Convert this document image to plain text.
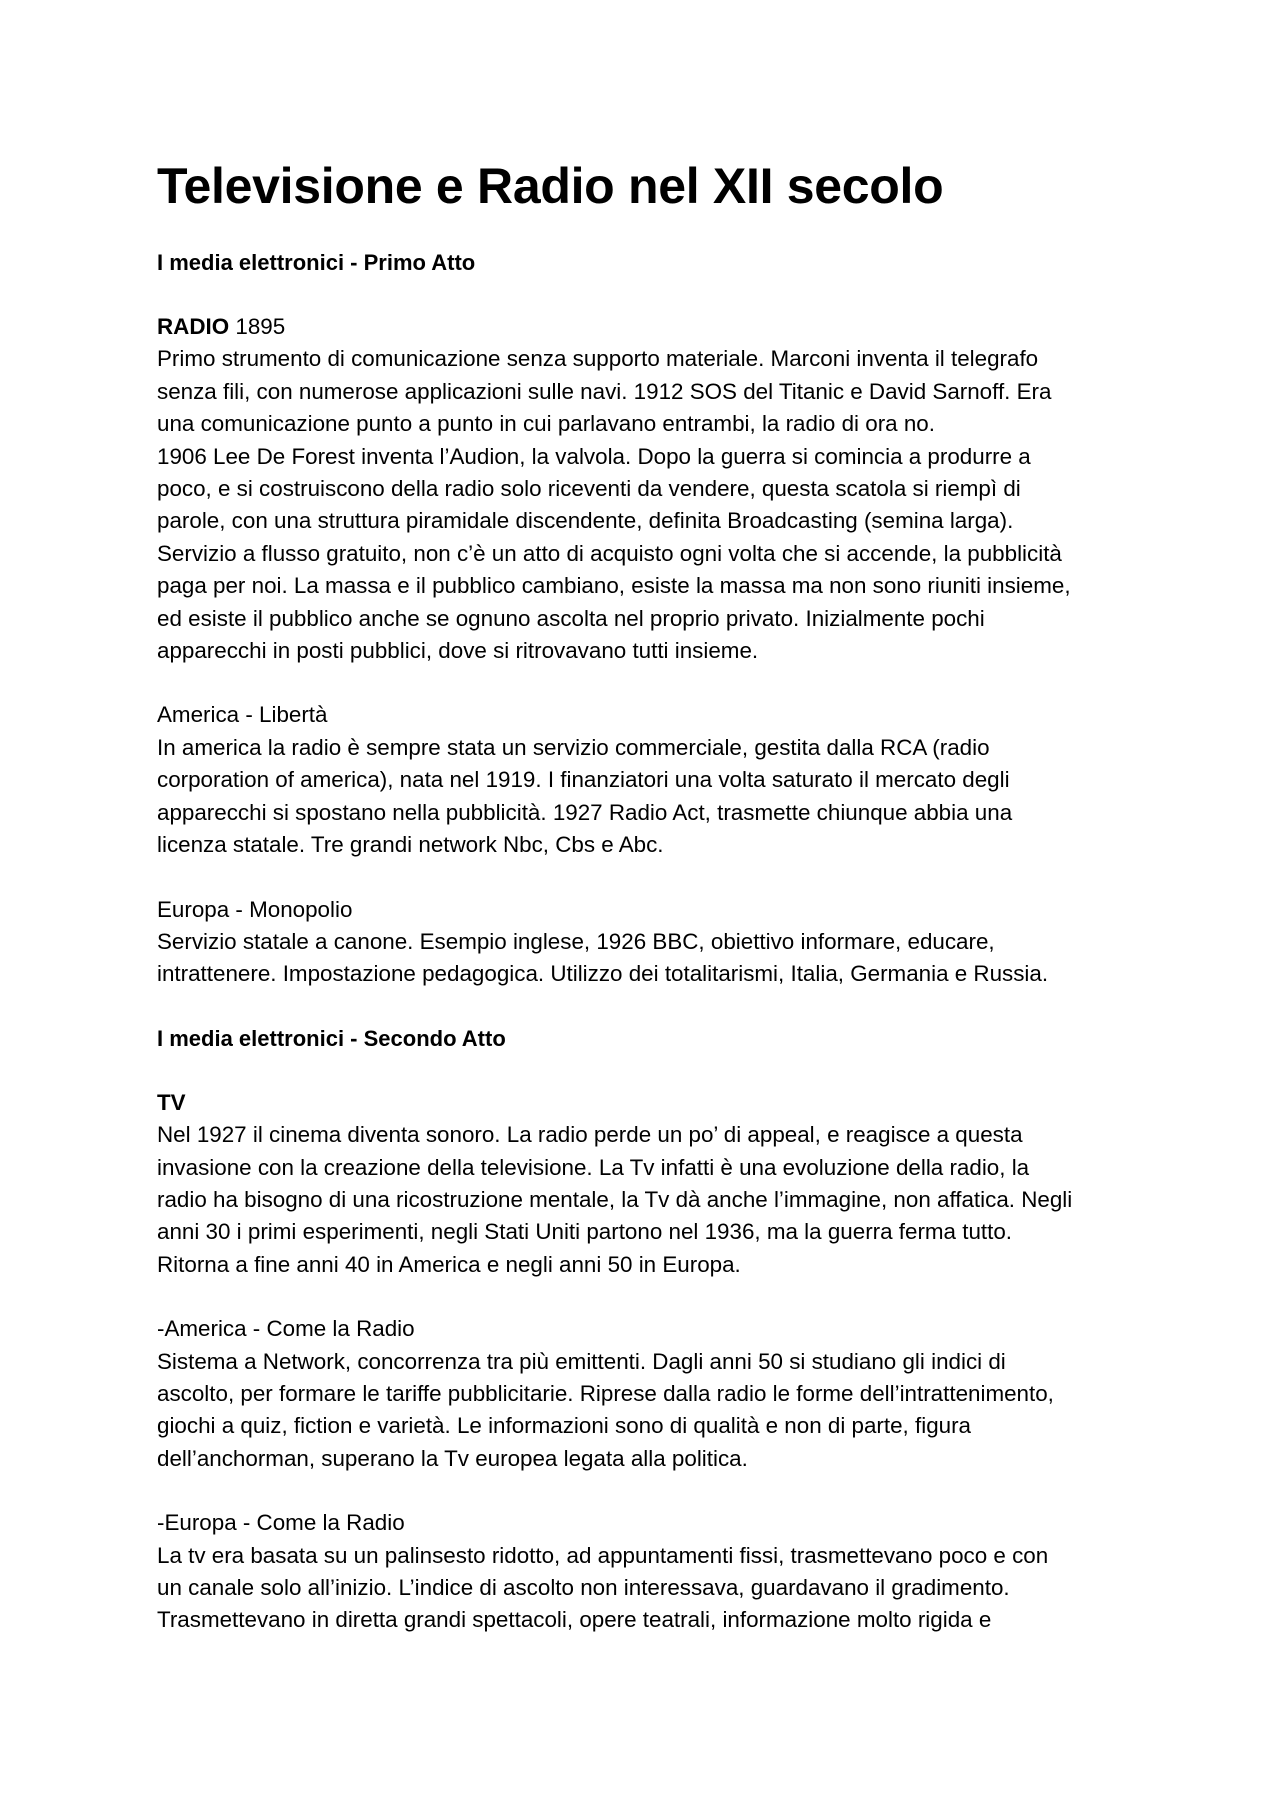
Televisione e Radio nel XII secolo
I media elettronici - Primo Atto
RADIO 1895
Primo strumento di comunicazione senza supporto materiale. Marconi inventa il telegrafo
senza fili, con numerose applicazioni sulle navi. 1912 SOS del Titanic e David Sarnoff. Era
una comunicazione punto a punto in cui parlavano entrambi, la radio di ora no.
1906 Lee De Forest inventa l’Audion, la valvola. Dopo la guerra si comincia a produrre a
poco, e si costruiscono della radio solo riceventi da vendere, questa scatola si riempì di
parole, con una struttura piramidale discendente, definita Broadcasting (semina larga).
Servizio a flusso gratuito, non c’è un atto di acquisto ogni volta che si accende, la pubblicità
paga per noi. La massa e il pubblico cambiano, esiste la massa ma non sono riuniti insieme,
ed esiste il pubblico anche se ognuno ascolta nel proprio privato. Inizialmente pochi
apparecchi in posti pubblici, dove si ritrovavano tutti insieme.
America - Libertà
In america la radio è sempre stata un servizio commerciale, gestita dalla RCA (radio
corporation of america), nata nel 1919. I finanziatori una volta saturato il mercato degli
apparecchi si spostano nella pubblicità. 1927 Radio Act, trasmette chiunque abbia una
licenza statale. Tre grandi network Nbc, Cbs e Abc.
Europa - Monopolio
Servizio statale a canone. Esempio inglese, 1926 BBC, obiettivo informare, educare,
intrattenere. Impostazione pedagogica. Utilizzo dei totalitarismi, Italia, Germania e Russia.
I media elettronici - Secondo Atto
TV
Nel 1927 il cinema diventa sonoro. La radio perde un po’ di appeal, e reagisce a questa
invasione con la creazione della televisione. La Tv infatti è una evoluzione della radio, la
radio ha bisogno di una ricostruzione mentale, la Tv dà anche l’immagine, non affatica. Negli
anni 30 i primi esperimenti, negli Stati Uniti partono nel 1936, ma la guerra ferma tutto.
Ritorna a fine anni 40 in America e negli anni 50 in Europa.
-America - Come la Radio
Sistema a Network, concorrenza tra più emittenti. Dagli anni 50 si studiano gli indici di
ascolto, per formare le tariffe pubblicitarie. Riprese dalla radio le forme dell’intrattenimento,
giochi a quiz, fiction e varietà. Le informazioni sono di qualità e non di parte, figura
dell’anchorman, superano la Tv europea legata alla politica.
-Europa - Come la Radio
La tv era basata su un palinsesto ridotto, ad appuntamenti fissi, trasmettevano poco e con
un canale solo all’inizio. L’indice di ascolto non interessava, guardavano il gradimento.
Trasmettevano in diretta grandi spettacoli, opere teatrali, informazione molto rigida e
